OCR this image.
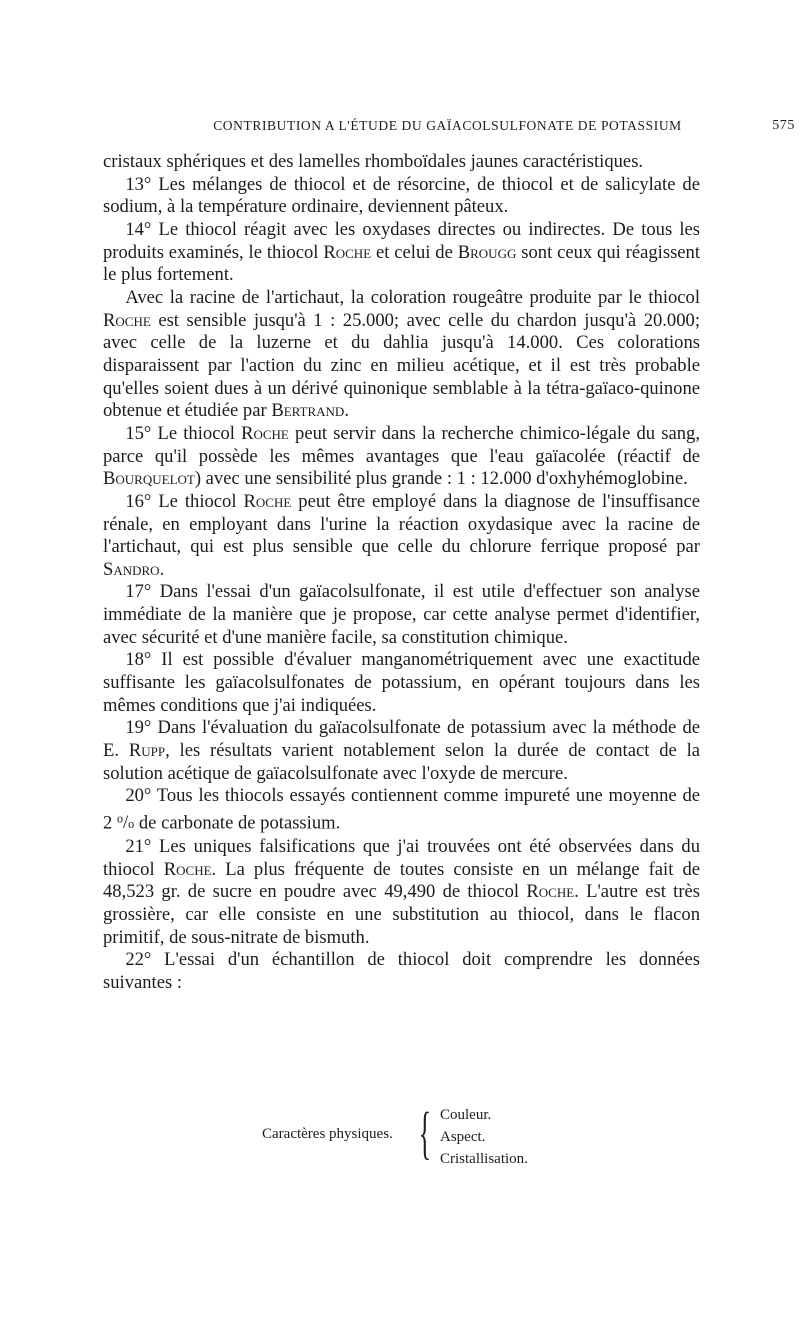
CONTRIBUTION A L'ÉTUDE DU GAÏACOLSULFONATE DE POTASSIUM	575

cristaux sphériques et des lamelles rhomboïdales jaunes caractéristiques.

13° Les mélanges de thiocol et de résorcine, de thiocol et de salicylate de sodium, à la température ordinaire, deviennent pâteux.

14° Le thiocol réagit avec les oxydases directes ou indirectes. De tous les produits examinés, le thiocol Roche et celui de Brougg sont ceux qui réagissent le plus fortement.

Avec la racine de l'artichaut, la coloration rougeâtre produite par le thiocol Roche est sensible jusqu'à 1 : 25.000; avec celle du chardon jusqu'à 20.000; avec celle de la luzerne et du dahlia jusqu'à 14.000. Ces colorations disparaissent par l'action du zinc en milieu acétique, et il est très probable qu'elles soient dues à un dérivé quinonique semblable à la tétra-gaïaco-quinone obtenue et étudiée par Bertrand.

15° Le thiocol Roche peut servir dans la recherche chimico-légale du sang, parce qu'il possède les mêmes avantages que l'eau gaïacolée (réactif de Bourquelot) avec une sensibilité plus grande : 1 : 12.000 d'oxhyhémoglobine.

16° Le thiocol Roche peut être employé dans la diagnose de l'insuffisance rénale, en employant dans l'urine la réaction oxydasique avec la racine de l'artichaut, qui est plus sensible que celle du chlorure ferrique proposé par Sandro.

17° Dans l'essai d'un gaïacolsulfonate, il est utile d'effectuer son analyse immédiate de la manière que je propose, car cette analyse permet d'identifier, avec sécurité et d'une manière facile, sa constitution chimique.

18° Il est possible d'évaluer manganométriquement avec une exactitude suffisante les gaïacolsulfonates de potassium, en opérant toujours dans les mêmes conditions que j'ai indiquées.

19° Dans l'évaluation du gaïacolsulfonate de potassium avec la méthode de E. Rupp, les résultats varient notablement selon la durée de contact de la solution acétique de gaïacolsulfonate avec l'oxyde de mercure.

20° Tous les thiocols essayés contiennent comme impureté une moyenne de 2 $^o$/o de carbonate de potassium.

21° Les uniques falsifications que j'ai trouvées ont été observées dans du thiocol Roche. La plus fréquente de toutes consiste en un mélange fait de 48,523 gr. de sucre en poudre avec 49,490 de thiocol Roche. L'autre est très grossière, car elle consiste en une substitution au thiocol, dans le flacon primitif, de sous-nitrate de bismuth.

22° L'essai d'un échantillon de thiocol doit comprendre les données suivantes :

Caractères physiques. { Couleur.
Aspect.
Cristallisation.
